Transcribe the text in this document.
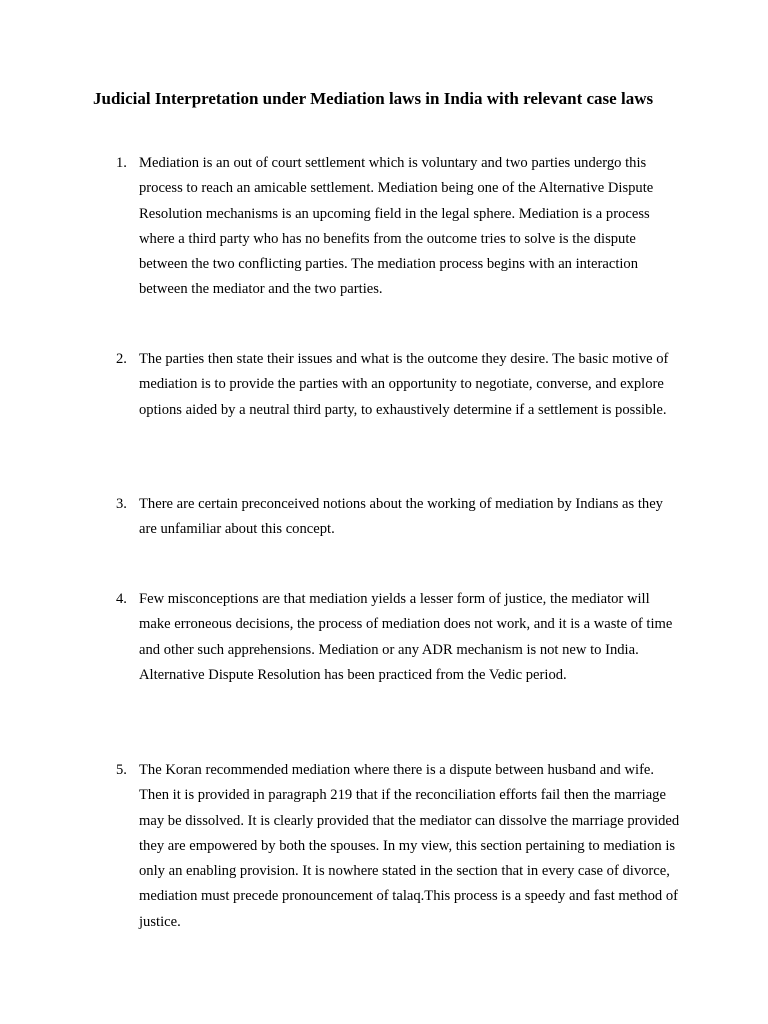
Judicial Interpretation under Mediation laws in India with relevant case laws
1. Mediation is an out of court settlement which is voluntary and two parties undergo this process to reach an amicable settlement. Mediation being one of the Alternative Dispute Resolution mechanisms is an upcoming field in the legal sphere. Mediation is a process where a third party who has no benefits from the outcome tries to solve is the dispute between the two conflicting parties. The mediation process begins with an interaction between the mediator and the two parties.
2. The parties then state their issues and what is the outcome they desire. The basic motive of mediation is to provide the parties with an opportunity to negotiate, converse, and explore options aided by a neutral third party, to exhaustively determine if a settlement is possible.
3. There are certain preconceived notions about the working of mediation by Indians as they are unfamiliar about this concept.
4. Few misconceptions are that mediation yields a lesser form of justice, the mediator will make erroneous decisions, the process of mediation does not work, and it is a waste of time and other such apprehensions. Mediation or any ADR mechanism is not new to India. Alternative Dispute Resolution has been practiced from the Vedic period.
5. The Koran recommended mediation where there is a dispute between husband and wife. Then it is provided in paragraph 219 that if the reconciliation efforts fail then the marriage may be dissolved. It is clearly provided that the mediator can dissolve the marriage provided they are empowered by both the spouses. In my view, this section pertaining to mediation is only an enabling provision. It is nowhere stated in the section that in every case of divorce, mediation must precede pronouncement of talaq.This process is a speedy and fast method of justice.
